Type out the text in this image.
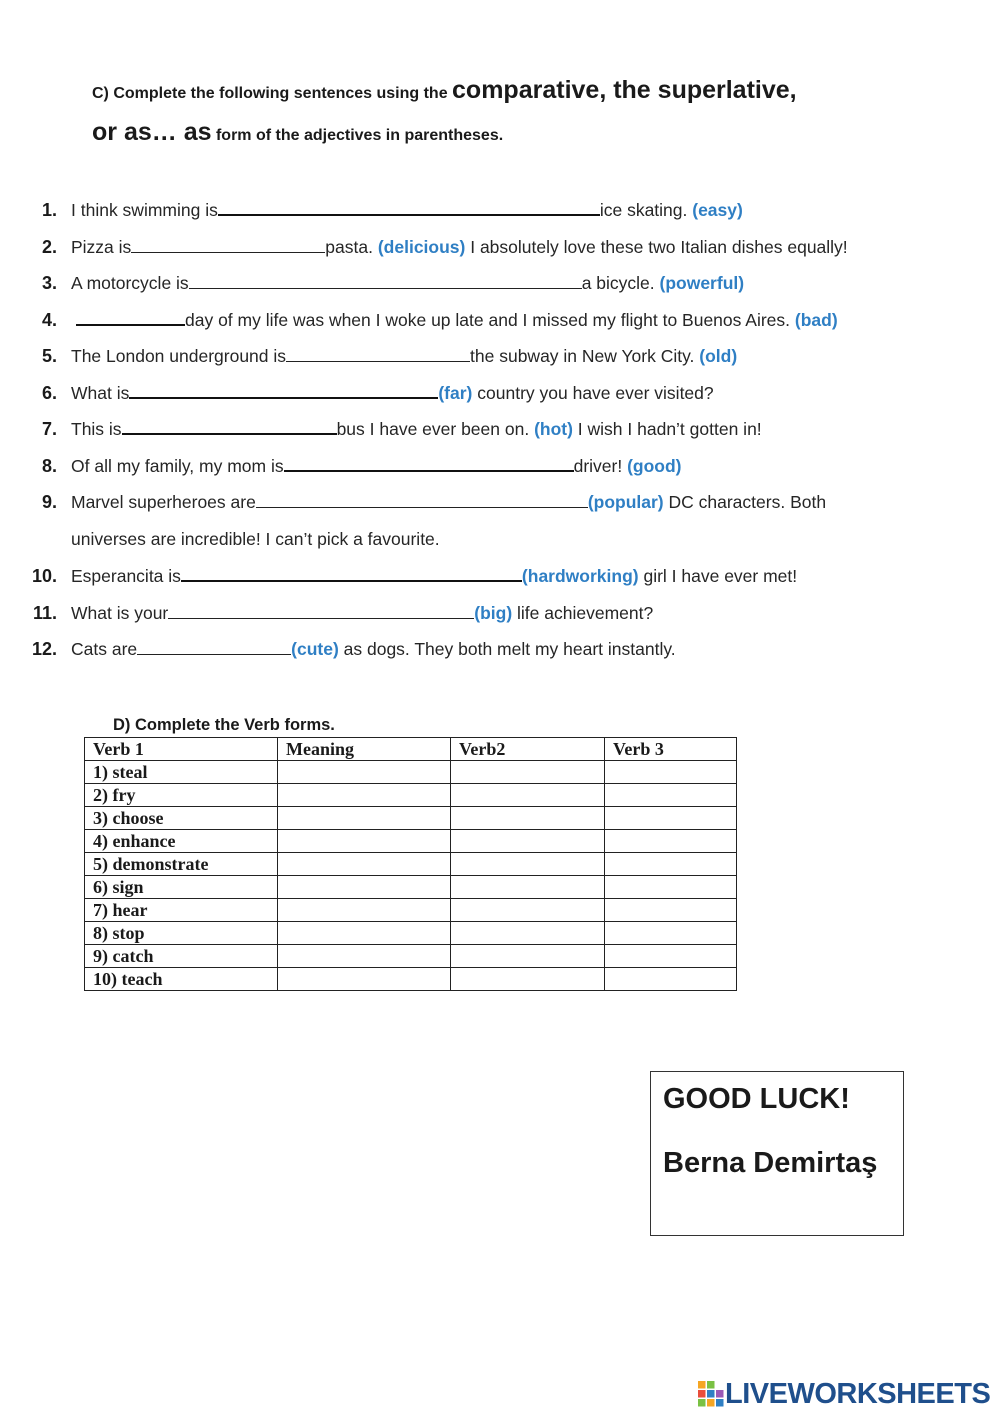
C) Complete the following sentences using the comparative, the superlative,
or as… as form of the adjectives in parentheses.
1. I think swimming is	ice skating. (easy)
2. Pizza is	pasta. (delicious) I absolutely love these two Italian dishes equally!
3. A motorcycle is	a bicycle. (powerful)
4.	day of my life was when I woke up late and I missed my flight to Buenos Aires. (bad)
5. The London underground is	the subway in New York City. (old)
6. What is	(far) country you have ever visited?
7. This is	bus I have ever been on. (hot) I wish I hadn’t gotten in!
8. Of all my family, my mom is	driver! (good)
9. Marvel superheroes are	(popular) DC characters. Both
universes are incredible! I can’t pick a favourite.
10. Esperancita is	(hardworking) girl I have ever met!
11. What is your	(big) life achievement?
12. Cats are	(cute) as dogs. They both melt my heart instantly.
D) Complete the Verb forms.
Verb 1	Meaning	Verb2	Verb 3
1) steal			
2) fry			
3) choose			
4) enhance			
5) demonstrate			
6) sign			
7) hear			
8) stop			
9) catch			
10) teach			
GOOD LUCK!
Berna Demirtaş
LIVEWORKSHEETS
